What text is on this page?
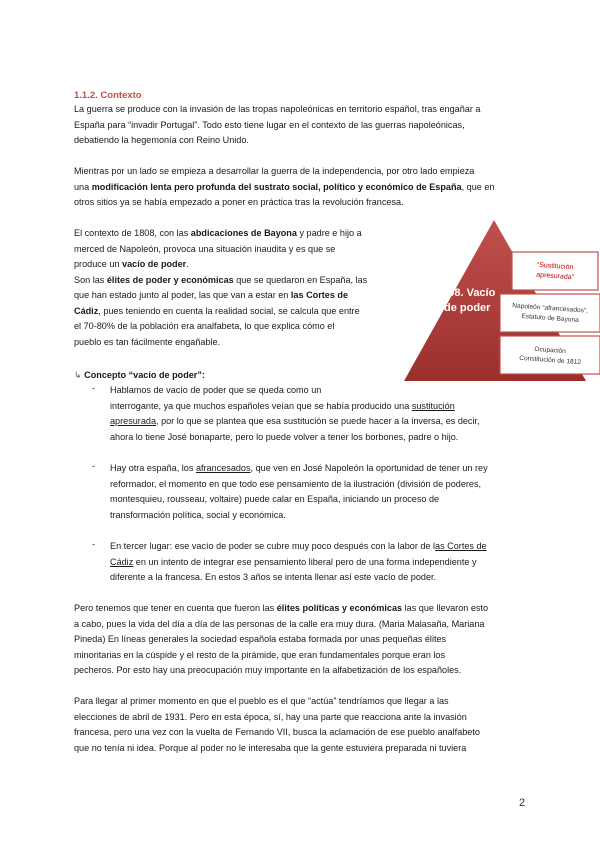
1.1.2. Contexto
La guerra se produce con la invasión de las tropas napoleónicas en territorio español, tras engañar a
España para “invadir Portugal”. Todo esto tiene lugar en el contexto de las guerras napoleónicas,
debatiendo la hegemonía con Reino Unido.
Mientras por un lado se empieza a desarrollar la guerra de la independencia, por otro lado empieza
una modificación lenta pero profunda del sustrato social, político y económico de España, que en
otros sitios ya se había empezado a poner en práctica tras la revolución francesa.
El contexto de 1808, con las abdicaciones de Bayona y padre e hijo a
merced de Napoleón, provoca una situación inaudita y es que se
produce un vacío de poder.
Son las élites de poder y económicas que se quedaron en España, las
que han estado junto al poder, las que van a estar en las Cortes de
Cádiz, pues teniendo en cuenta la realidad social, se calcula que entre
el 70-80% de la población era analfabeta, lo que explica cómo el
pueblo es tan fácilmente engañable.
1808. Vacío
de poder
“Sustitución
apresurada”
Napoleón “afrancesados”,
Estatuto de Bayona
Ocupación
Constitución de 1812
↳ Concepto “vacío de poder”:
- Hablamos de vacío de poder que se queda como un
interrogante, ya que muchos españoles veían que se había producido una sustitución
apresurada, por lo que se plantea que esa sustitución se puede hacer a la inversa, es decir,
ahora lo tiene José bonaparte, pero lo puede volver a tener los borbones, padre o hijo.
- Hay otra españa, los afrancesados, que ven en José Napoleón la oportunidad de tener un rey
reformador, el momento en que todo ese pensamiento de la ilustración (división de poderes,
montesquieu, rousseau, voltaire) puede calar en España, iniciando un proceso de
transformación política, social y económica.
- En tercer lugar: ese vacío de poder se cubre muy poco después con la labor de las Cortes de
Cádiz en un intento de integrar ese pensamiento liberal pero de una forma independiente y
diferente a la francesa. En estos 3 años se intenta llenar así este vacío de poder.
Pero tenemos que tener en cuenta que fueron las élites políticas y económicas las que llevaron esto
a cabo, pues la vida del día a día de las personas de la calle era muy dura. (Maria Malasaña, Mariana
Pineda) En líneas generales la sociedad española estaba formada por unas pequeñas élites
minoritarias en la cúspide y el resto de la pirámide, que eran fundamentales porque eran los
pecheros. Por esto hay una preocupación muy importante en la alfabetización de los españoles.
Para llegar al primer momento en que el pueblo es el que “actúa” tendríamos que llegar a las
elecciones de abril de 1931. Pero en esta época, sí, hay una parte que reacciona ante la invasión
francesa, pero una vez con la vuelta de Fernando VII, busca la aclamación de ese pueblo analfabeto
que no tenía ni idea. Porque al poder no le interesaba que la gente estuviera preparada ni tuviera
2
